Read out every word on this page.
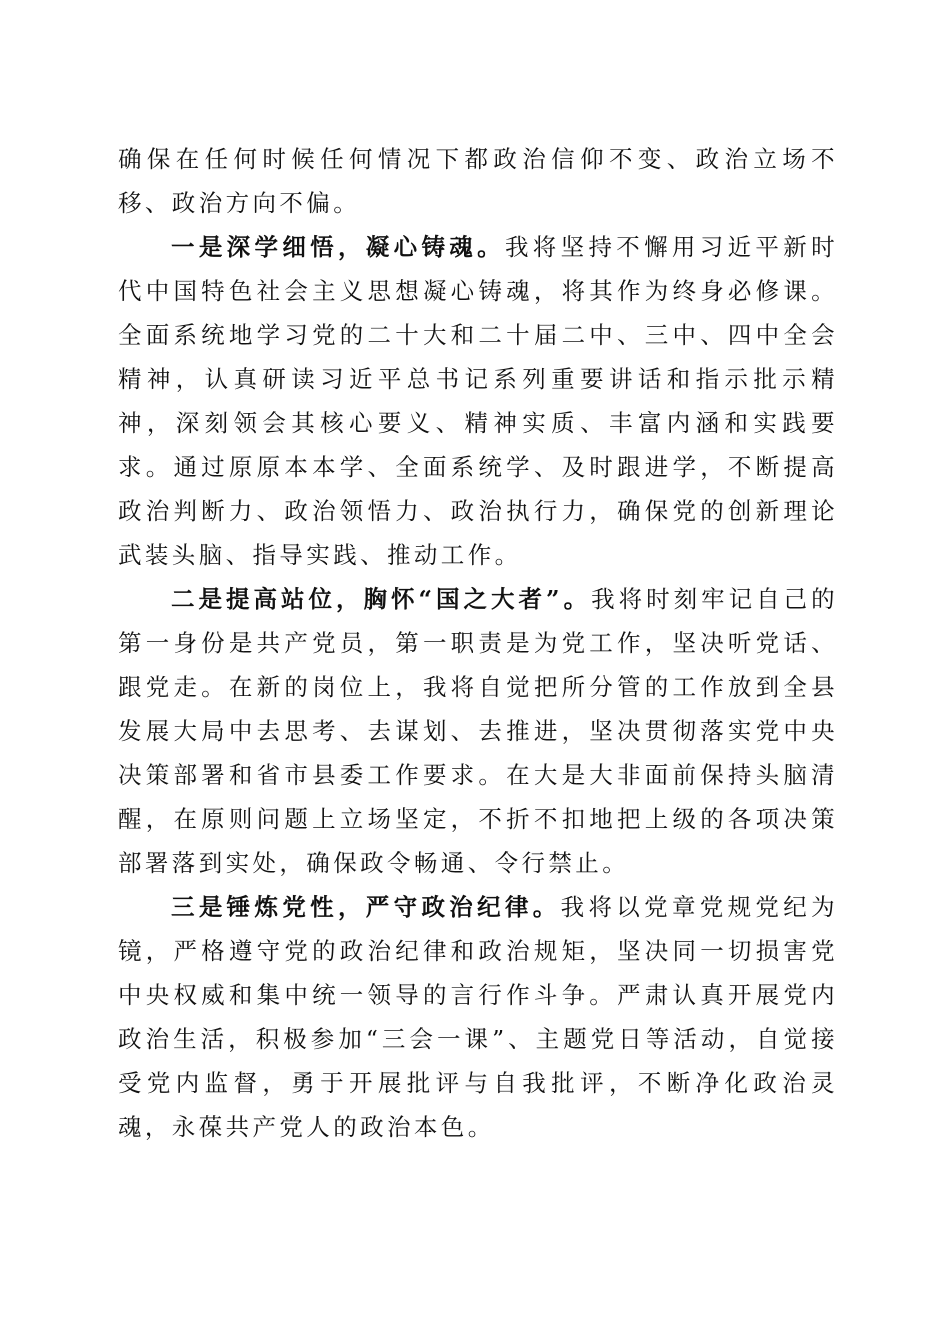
确保在任何时候任何情况下都政治信仰不变、政治立场不移、政治方向不偏。

一是深学细悟，凝心铸魂。我将坚持不懈用习近平新时代中国特色社会主义思想凝心铸魂，将其作为终身必修课。全面系统地学习党的二十大和二十届二中、三中、四中全会精神，认真研读习近平总书记系列重要讲话和指示批示精神，深刻领会其核心要义、精神实质、丰富内涵和实践要求。通过原原本本学、全面系统学、及时跟进学，不断提高政治判断力、政治领悟力、政治执行力，确保党的创新理论武装头脑、指导实践、推动工作。

二是提高站位，胸怀“国之大者”。我将时刻牢记自己的第一身份是共产党员，第一职责是为党工作，坚决听党话、跟党走。在新的岗位上，我将自觉把所分管的工作放到全县发展大局中去思考、去谋划、去推进，坚决贯彻落实党中央决策部署和省市县委工作要求。在大是大非面前保持头脑清醒，在原则问题上立场坚定，不折不扣地把上级的各项决策部署落到实处，确保政令畅通、令行禁止。

三是锤炼党性，严守政治纪律。我将以党章党规党纪为镜，严格遵守党的政治纪律和政治规矩，坚决同一切损害党中央权威和集中统一领导的言行作斗争。严肃认真开展党内政治生活，积极参加“三会一课”、主题党日等活动，自觉接受党内监督，勇于开展批评与自我批评，不断净化政治灵魂，永葆共产党人的政治本色。
